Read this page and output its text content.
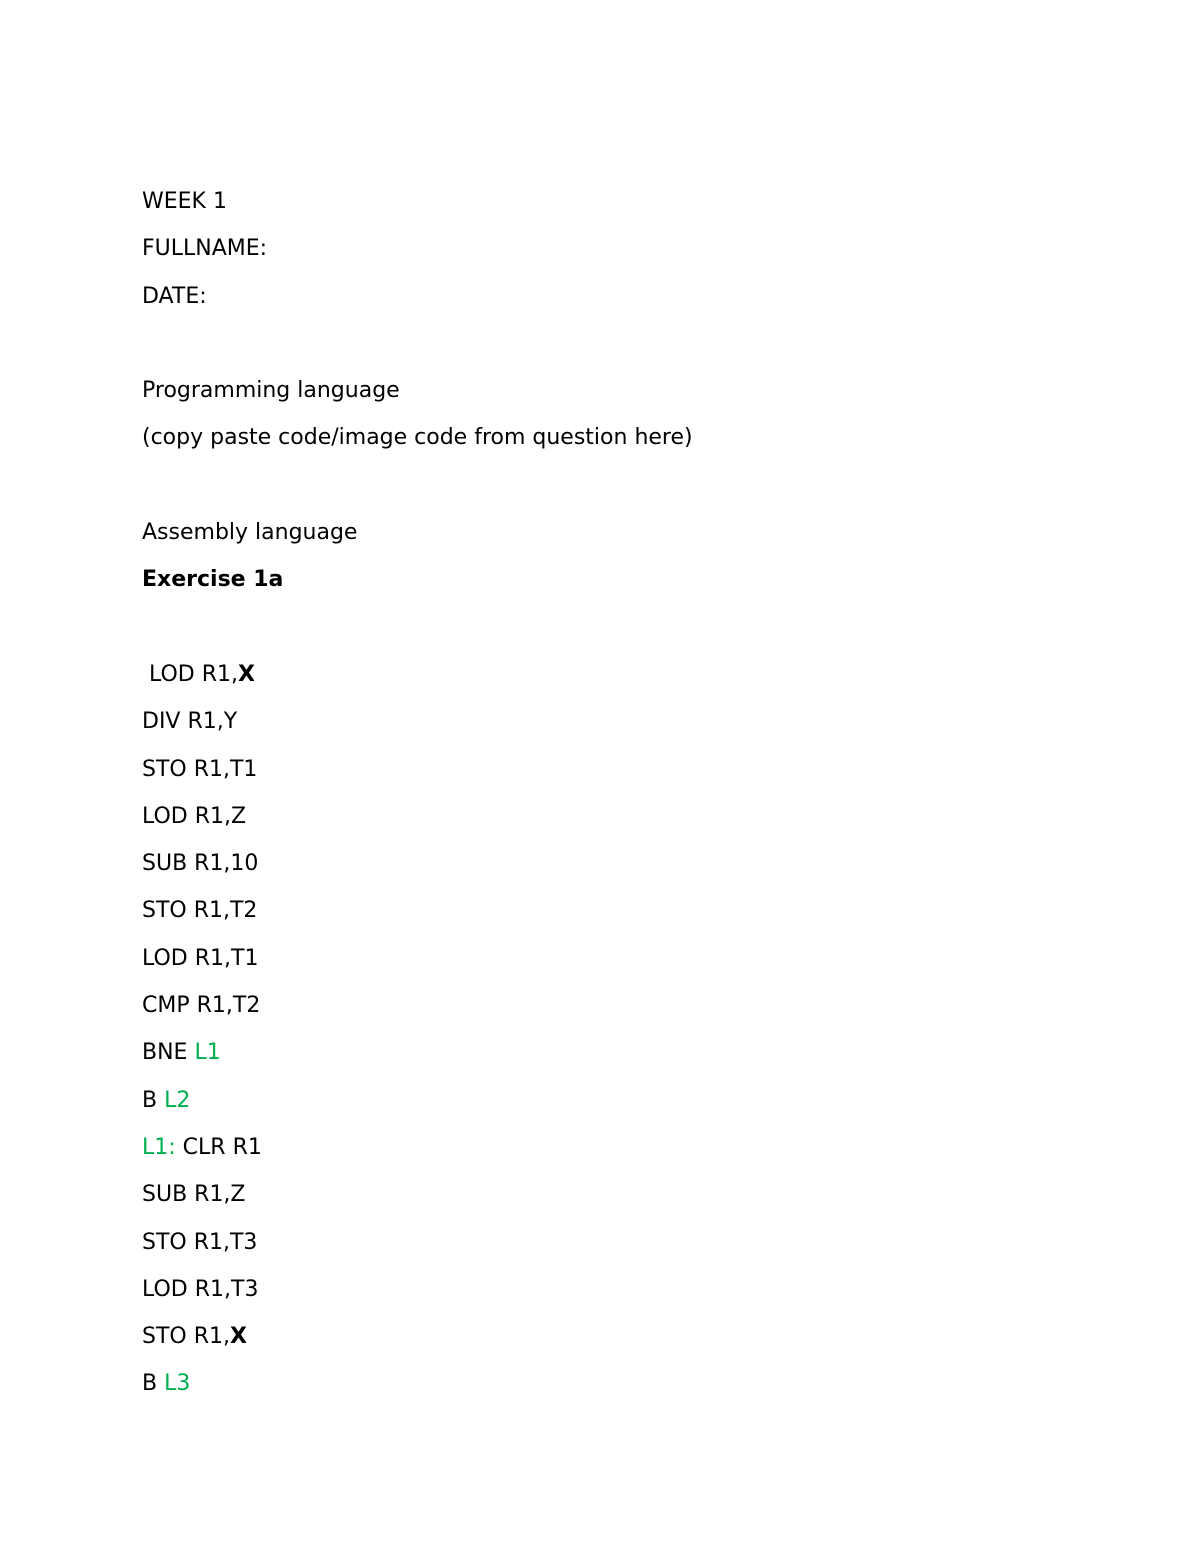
WEEK 1
FULLNAME:
DATE:
Programming language
(copy paste code/image code from question here)
Assembly language
Exercise 1a
LOD R1,X
DIV R1,Y
STO R1,T1
LOD R1,Z
SUB R1,10
STO R1,T2
LOD R1,T1
CMP R1,T2
BNE L1
B L2
L1: CLR R1
SUB R1,Z
STO R1,T3
LOD R1,T3
STO R1,X
B L3
